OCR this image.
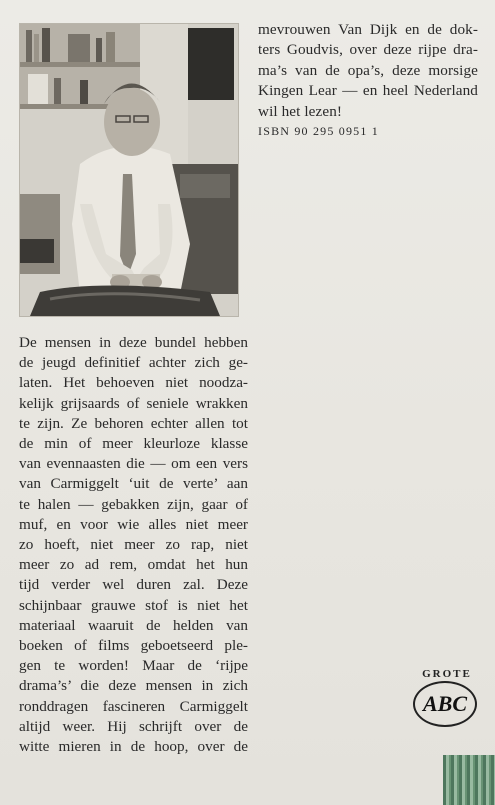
mevrouwen Van Dijk en de dok-

ters Goudvis, over deze rijpe dra-

ma’s van de opa’s, deze morsige

Kingen Lear — en heel Nederland

wil het lezen!

ISBN 90 295 0951 1
De mensen in deze bundel hebben
de jeugd definitief achter zich ge-
laten. Het behoeven niet noodza-
kelijk grijsaards of seniele wrakken
te zijn. Ze behoren echter allen tot
de min of meer kleurloze klasse
van evennaasten die — om een vers
van Carmiggelt ‘uit de verte’ aan
te halen — gebakken zijn, gaar of
muf, en voor wie alles niet meer
zo hoeft, niet meer zo rap, niet
meer zo ad rem, omdat het hun
tijd verder wel duren zal. Deze
schijnbaar grauwe stof is niet het
materiaal waaruit de helden van
boeken of films geboetseerd ple-
gen te worden! Maar de ‘rijpe
drama’s’ die deze mensen in zich
ronddragen fascineren Carmiggelt
altijd weer. Hij schrijft over de
witte mieren in de hoop, over de
GROTE
ABC
